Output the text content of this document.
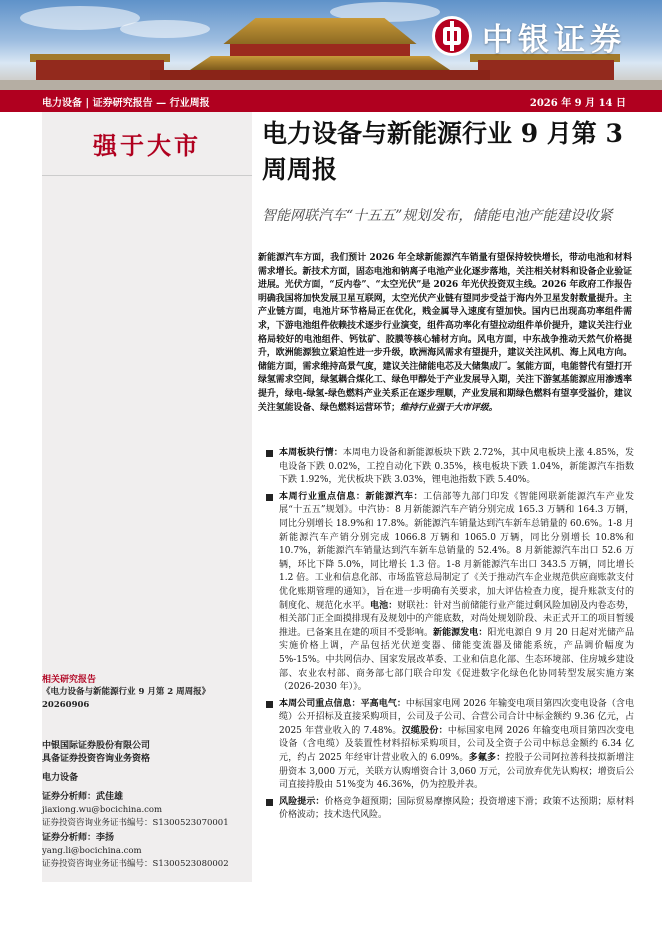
中银证券
电力设备 | 证券研究报告 — 行业周报	2026 年 9 月 14 日
强于大市
相关研究报告
《电力设备与新能源行业 9 月第 2 周周报》20260906
中银国际证券股份有限公司
具备证券投资咨询业务资格
电力设备
证券分析师：武佳雄
jiaxiong.wu@bocichina.com
证券投资咨询业务证书编号：S1300523070001
证券分析师：李扬
yang.li@bocichina.com
证券投资咨询业务证书编号：S1300523080002
电力设备与新能源行业 9 月第 3 周周报
智能网联汽车“十五五”规划发布，储能电池产能建设收紧
新能源汽车方面，我们预计 2026 年全球新能源汽车销量有望保持较快增长，带动电池和材料需求增长。新技术方面，固态电池和钠离子电池产业化逐步落地，关注相关材料和设备企业验证进展。光伏方面，“反内卷”、“太空光伏”是 2026 年光伏投资双主线。2026 年政府工作报告明确我国将加快发展卫星互联网，太空光伏产业链有望同步受益于海内外卫星发射数量提升。主产业链方面，电池片环节格局正在优化，贱金属导入速度有望加快。国内已出现高功率组件需求，下游电池组件依赖技术逐步行业演变，组件高功率化有望拉动组件单价提升，建议关注行业格局较好的电池组件、钙钛矿、胶膜等核心辅材方向。风电方面，中东战争推动天然气价格提升，欧洲能源独立紧迫性进一步升级，欧洲海风需求有望提升，建议关注风机、海上风电方向。储能方面，需求维持高景气度，建议关注储能电芯及大储集成厂。氢能方面，电能替代有望打开绿氢需求空间，绿氢耦合煤化工、绿色甲醇处于产业发展导入期，关注下游氢基能源应用渗透率提升，绿电-绿氢-绿色燃料产业关系正在逐步理顺，产业发展和期绿色燃料有望享受溢价，建议关注氢能设备、绿色燃料运营环节；维持行业强于大市评级。
本周板块行情：本周电力设备和新能源板块下跌 2.72%，其中风电板块上涨 4.85%，发电设备下跌 0.02%，工控自动化下跌 0.35%，核电板块下跌 1.04%，新能源汽车指数下跌 1.92%，光伏板块下跌 3.03%，锂电池指数下跌 5.40%。
本周行业重点信息：新能源汽车：工信部等九部门印发《智能网联新能源汽车产业发展“十五五”规划》。中汽协：8 月新能源汽车产销分别完成 165.3 万辆和 164.3 万辆，同比分别增长 18.9%和 17.8%。新能源汽车销量达到汽车新车总销量的 60.6%。1-8 月新能源汽车产销分别完成 1066.8 万辆和 1065.0 万辆，同比分别增长 10.8%和 10.7%，新能源汽车销量达到汽车新车总销量的 52.4%。8 月新能源汽车出口 52.6 万辆，环比下降 5.0%，同比增长 1.3 倍。1-8 月新能源汽车出口 343.5 万辆，同比增长 1.2 倍。工业和信息化部、市场监管总局制定了《关于推动汽车企业规范供应商账款支付 优化账期管理的通知》，旨在进一步明确有关要求，加大评估检查力度，提升账款支付的制度化、规范化水平。电池：财联社：针对当前储能行业产能过剩风险加剧及内卷态势，相关部门正全面摸排现有及规划中的产能底数，对尚处规划阶段、未正式开工的项目暂缓推进。已备案且在建的项目不受影响。新能源发电：阳光电源自 9 月 20 日起对光储产品实施价格上调，产品包括光伏逆变器、储能变流器及储能系统，产品调价幅度为 5%-15%。中共网信办、国家发展改革委、工业和信息化部、生态环境部、住房城乡建设部、农业农村部、商务部七部门联合印发《促进数字化绿色化协同转型发展实施方案（2026-2030 年）》。
本周公司重点信息：平高电气：中标国家电网 2026 年输变电项目第四次变电设备（含电缆）公开招标及直接采购项目，公司及子公司、合营公司合计中标金额约 9.36 亿元，占 2025 年营业收入的 7.48%。汉缆股份：中标国家电网 2026 年输变电项目第四次变电设备（含电缆）及装置性材料招标采购项目，公司及全资子公司中标总金额约 6.34 亿元，约占 2025 年经审计营业收入的 6.09%。多氟多：控股子公司阿拉善科技拟新增注册资本 3,000 万元，关联方认购增资合计 3,060 万元，公司放弃优先认购权；增资后公司直接持股由 51%变为 46.36%，仍为控股并表。
风险提示：价格竞争超预期；国际贸易摩擦风险；投资增速下滑；政策不达预期；原材料价格波动；技术迭代风险。
